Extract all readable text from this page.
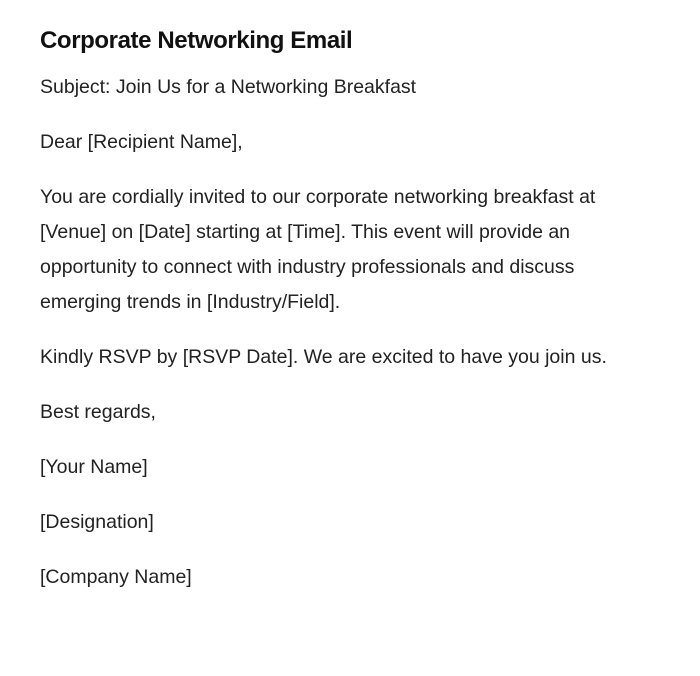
Corporate Networking Email

Subject: Join Us for a Networking Breakfast

Dear [Recipient Name],

You are cordially invited to our corporate networking breakfast at [Venue] on [Date] starting at [Time]. This event will provide an opportunity to connect with industry professionals and discuss emerging trends in [Industry/Field].

Kindly RSVP by [RSVP Date]. We are excited to have you join us.

Best regards,

[Your Name]

[Designation]

[Company Name]
